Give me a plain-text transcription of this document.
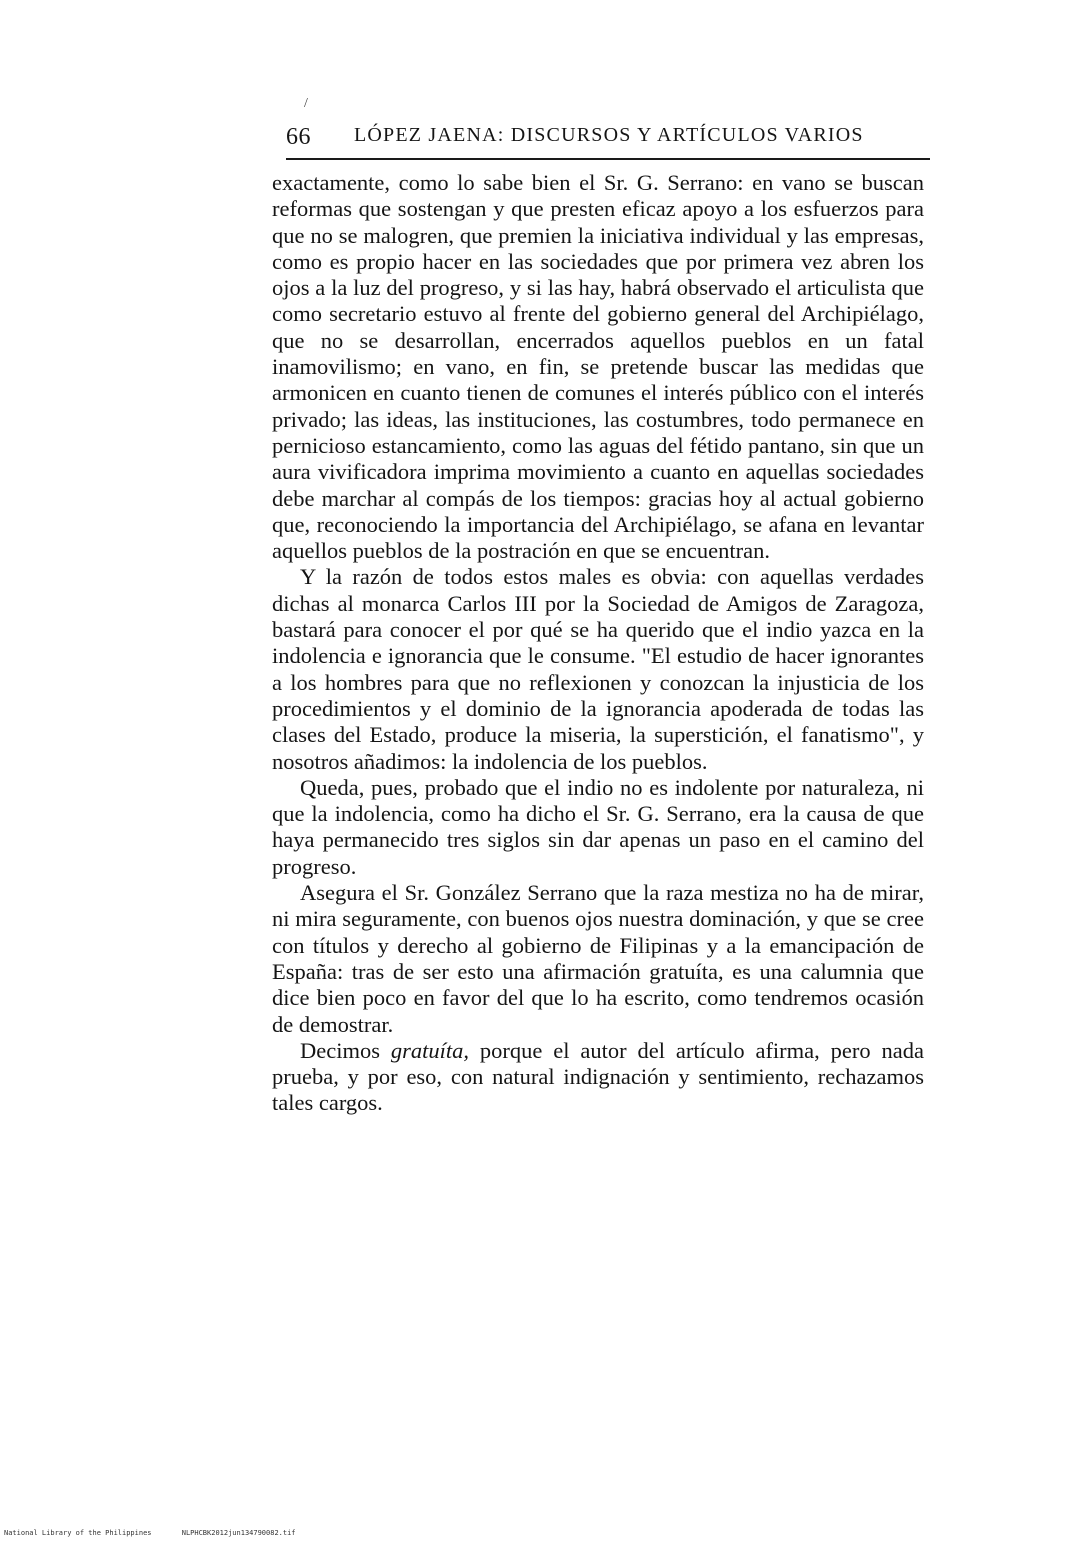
/
66 LÓPEZ JAENA: DISCURSOS Y ARTÍCULOS VARIOS

exactamente, como lo sabe bien el Sr. G. Serrano: en vano se buscan reformas que sostengan y que presten eficaz apoyo a los esfuerzos para que no se malogren, que premien la iniciativa individual y las empresas, como es propio hacer en las sociedades que por primera vez abren los ojos a la luz del progreso, y si las hay, habrá observado el articulista que como secretario estuvo al frente del gobierno general del Archipiélago, que no se desarrollan, encerrados aquellos pueblos en un fatal inamovilismo; en vano, en fin, se pretende buscar las medidas que armonicen en cuanto tienen de comunes el interés público con el interés privado; las ideas, las instituciones, las costumbres, todo permanece en pernicioso estancamiento, como las aguas del fétido pantano, sin que un aura vivificadora imprima movimiento a cuanto en aquellas sociedades debe marchar al compás de los tiempos: gracias hoy al actual gobierno que, reconociendo la importancia del Archipiélago, se afana en levantar aquellos pueblos de la postración en que se encuentran.

Y la razón de todos estos males es obvia: con aquellas verdades dichas al monarca Carlos III por la Sociedad de Amigos de Zaragoza, bastará para conocer el por qué se ha querido que el indio yazca en la indolencia e ignorancia que le consume. "El estudio de hacer ignorantes a los hombres para que no reflexionen y conozcan la injusticia de los procedimientos y el dominio de la ignorancia apoderada de todas las clases del Estado, produce la miseria, la superstición, el fanatismo", y nosotros añadimos: la indolencia de los pueblos.

Queda, pues, probado que el indio no es indolente por naturaleza, ni que la indolencia, como ha dicho el Sr. G. Serrano, era la causa de que haya permanecido tres siglos sin dar apenas un paso en el camino del progreso.

Asegura el Sr. González Serrano que la raza mestiza no ha de mirar, ni mira seguramente, con buenos ojos nuestra dominación, y que se cree con títulos y derecho al gobierno de Filipinas y a la emancipación de España: tras de ser esto una afirmación gratuíta, es una calumnia que dice bien poco en favor del que lo ha escrito, como tendremos ocasión de demostrar.

Decimos gratuíta, porque el autor del artículo afirma, pero nada prueba, y por eso, con natural indignación y sentimiento, rechazamos tales cargos.

National Library of the Philippines	NLPHCBK2012jun134790082.tif
